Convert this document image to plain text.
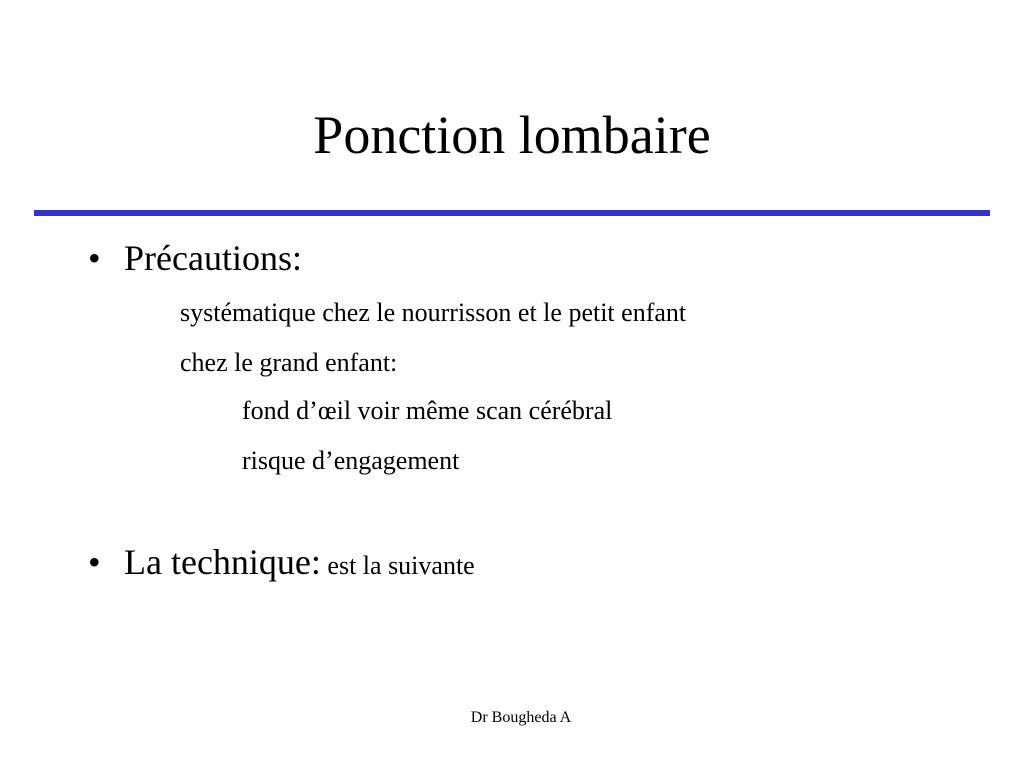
Ponction lombaire
• Précautions:
systématique chez le nourrisson et le petit enfant
chez le grand enfant:
fond d’œil voir même scan cérébral
risque d’engagement
• La technique: est la suivante
Dr Bougheda A
